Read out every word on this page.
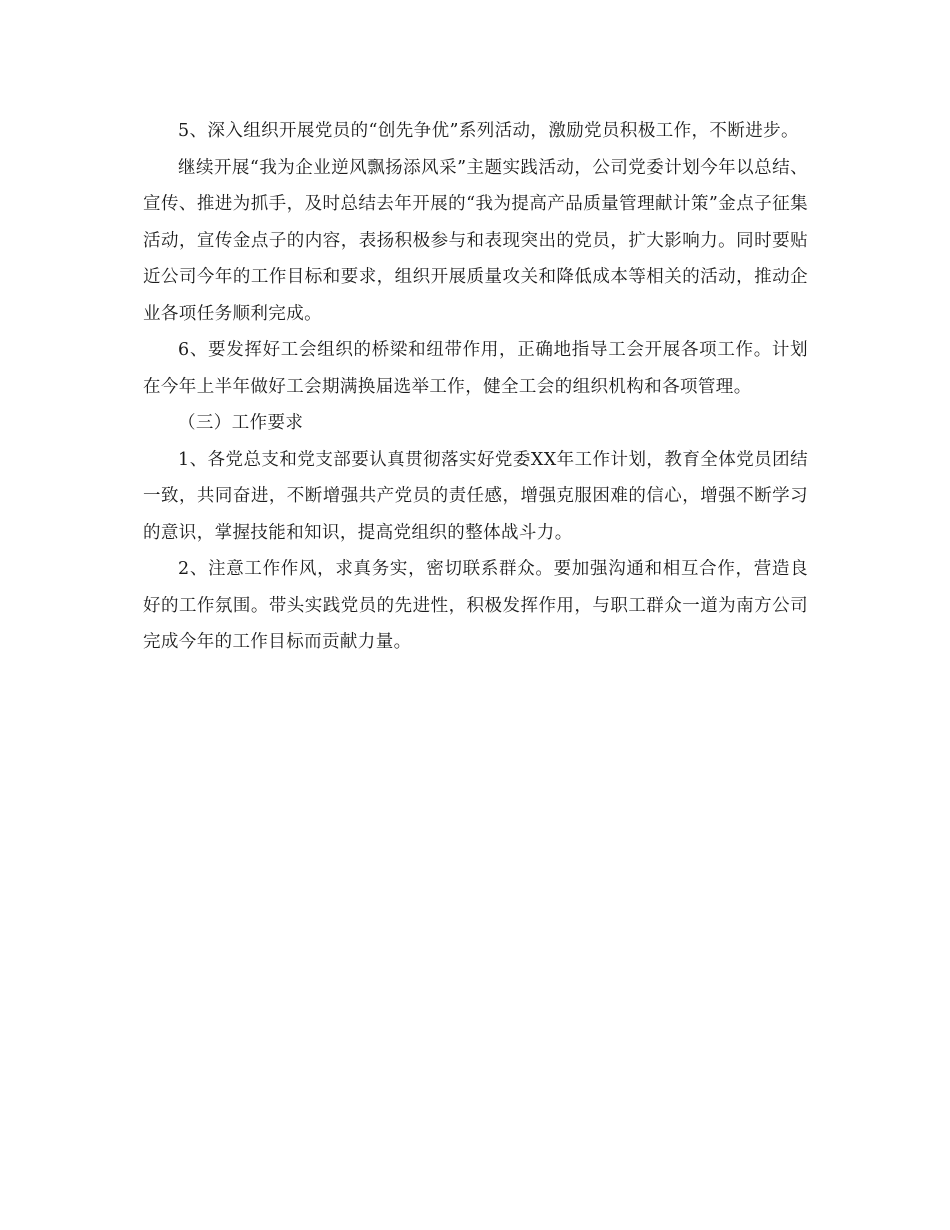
5、深入组织开展党员的“创先争优”系列活动，激励党员积极工作，不断进步。

继续开展“我为企业逆风飘扬添风采”主题实践活动，公司党委计划今年以总结、宣传、推进为抓手，及时总结去年开展的“我为提高产品质量管理献计策”金点子征集活动，宣传金点子的内容，表扬积极参与和表现突出的党员，扩大影响力。同时要贴近公司今年的工作目标和要求，组织开展质量攻关和降低成本等相关的活动，推动企业各项任务顺利完成。

6、要发挥好工会组织的桥梁和纽带作用，正确地指导工会开展各项工作。计划在今年上半年做好工会期满换届选举工作，健全工会的组织机构和各项管理。

（三）工作要求

1、各党总支和党支部要认真贯彻落实好党委XX年工作计划，教育全体党员团结一致，共同奋进，不断增强共产党员的责任感，增强克服困难的信心，增强不断学习的意识，掌握技能和知识，提高党组织的整体战斗力。

2、注意工作作风，求真务实，密切联系群众。要加强沟通和相互合作，营造良好的工作氛围。带头实践党员的先进性，积极发挥作用，与职工群众一道为南方公司完成今年的工作目标而贡献力量。
